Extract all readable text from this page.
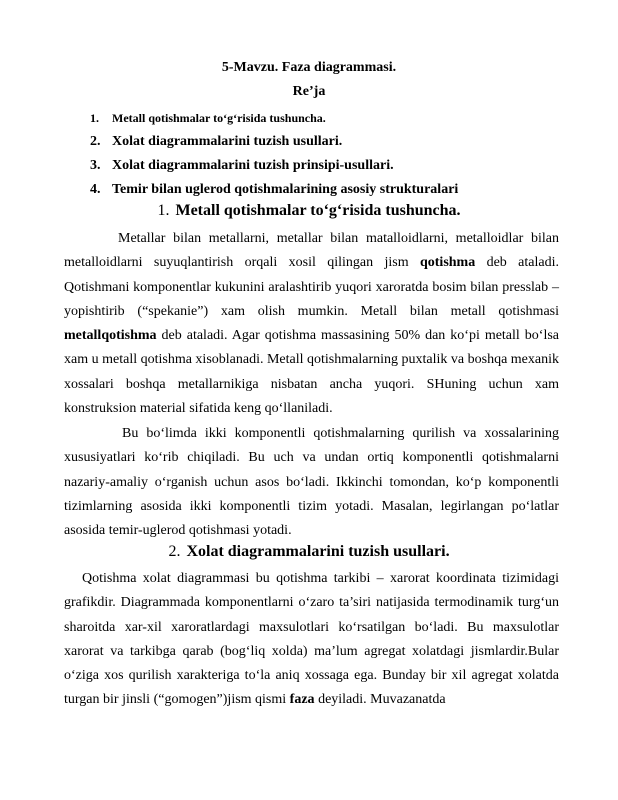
5-Mavzu. Faza diagrammasi.
Re’ja
1. Metall qotishmalar to‘g‘risida tushuncha.
2. Xolat diagrammalarini tuzish usullari.
3. Xolat diagrammalarini tuzish prinsipi-usullari.
4. Temir bilan uglerod qotishmalarining asosiy strukturalari
1. Metall qotishmalar to‘g‘risida tushuncha.

Metallar bilan metallarni, metallar bilan matalloidlarni, metalloidlar bilan metalloidlarni suyuqlantirish orqali xosil qilingan jism qotishma deb ataladi. Qotishmani komponentlar kukunini aralashtirib yuqori xaroratda bosim bilan presslab – yopishtirib (“spekanie”) xam olish mumkin. Metall bilan metall qotishmasi metallqotishma deb ataladi. Agar qotishma massasining 50% dan ko‘pi metall bo‘lsa xam u metall qotishma xisoblanadi. Metall qotishmalarning puxtalik va boshqa mexanik xossalari boshqa metallarnikiga nisbatan ancha yuqori. SHuning uchun xam konstruksion material sifatida keng qo‘llaniladi.

Bu bo‘limda ikki komponentli qotishmalarning qurilish va xossalarining xususiyatlari ko‘rib chiqiladi. Bu uch va undan ortiq komponentli qotishmalarni nazariy-amaliy o‘rganish uchun asos bo‘ladi. Ikkinchi tomondan, ko‘p komponentli tizimlarning asosida ikki komponentli tizim yotadi. Masalan, legirlangan po‘latlar asosida temir-uglerod qotishmasi yotadi.

2. Xolat diagrammalarini tuzish usullari.

Qotishma xolat diagrammasi bu qotishma tarkibi – xarorat koordinata tizimidagi grafikdir. Diagrammada komponentlarni o‘zaro ta’siri natijasida termodinamik turg‘un sharoitda xar-xil xaroratlardagi maxsulotlari ko‘rsatilgan bo‘ladi. Bu maxsulotlar xarorat va tarkibga qarab (bog‘liq xolda) ma’lum agregat xolatdagi jismlardir.Bular o‘ziga xos qurilish xarakteriga to‘la aniq xossaga ega. Bunday bir xil agregat xolatda turgan bir jinsli (“gomogen”)jism qismi faza deyiladi. Muvazanatda
